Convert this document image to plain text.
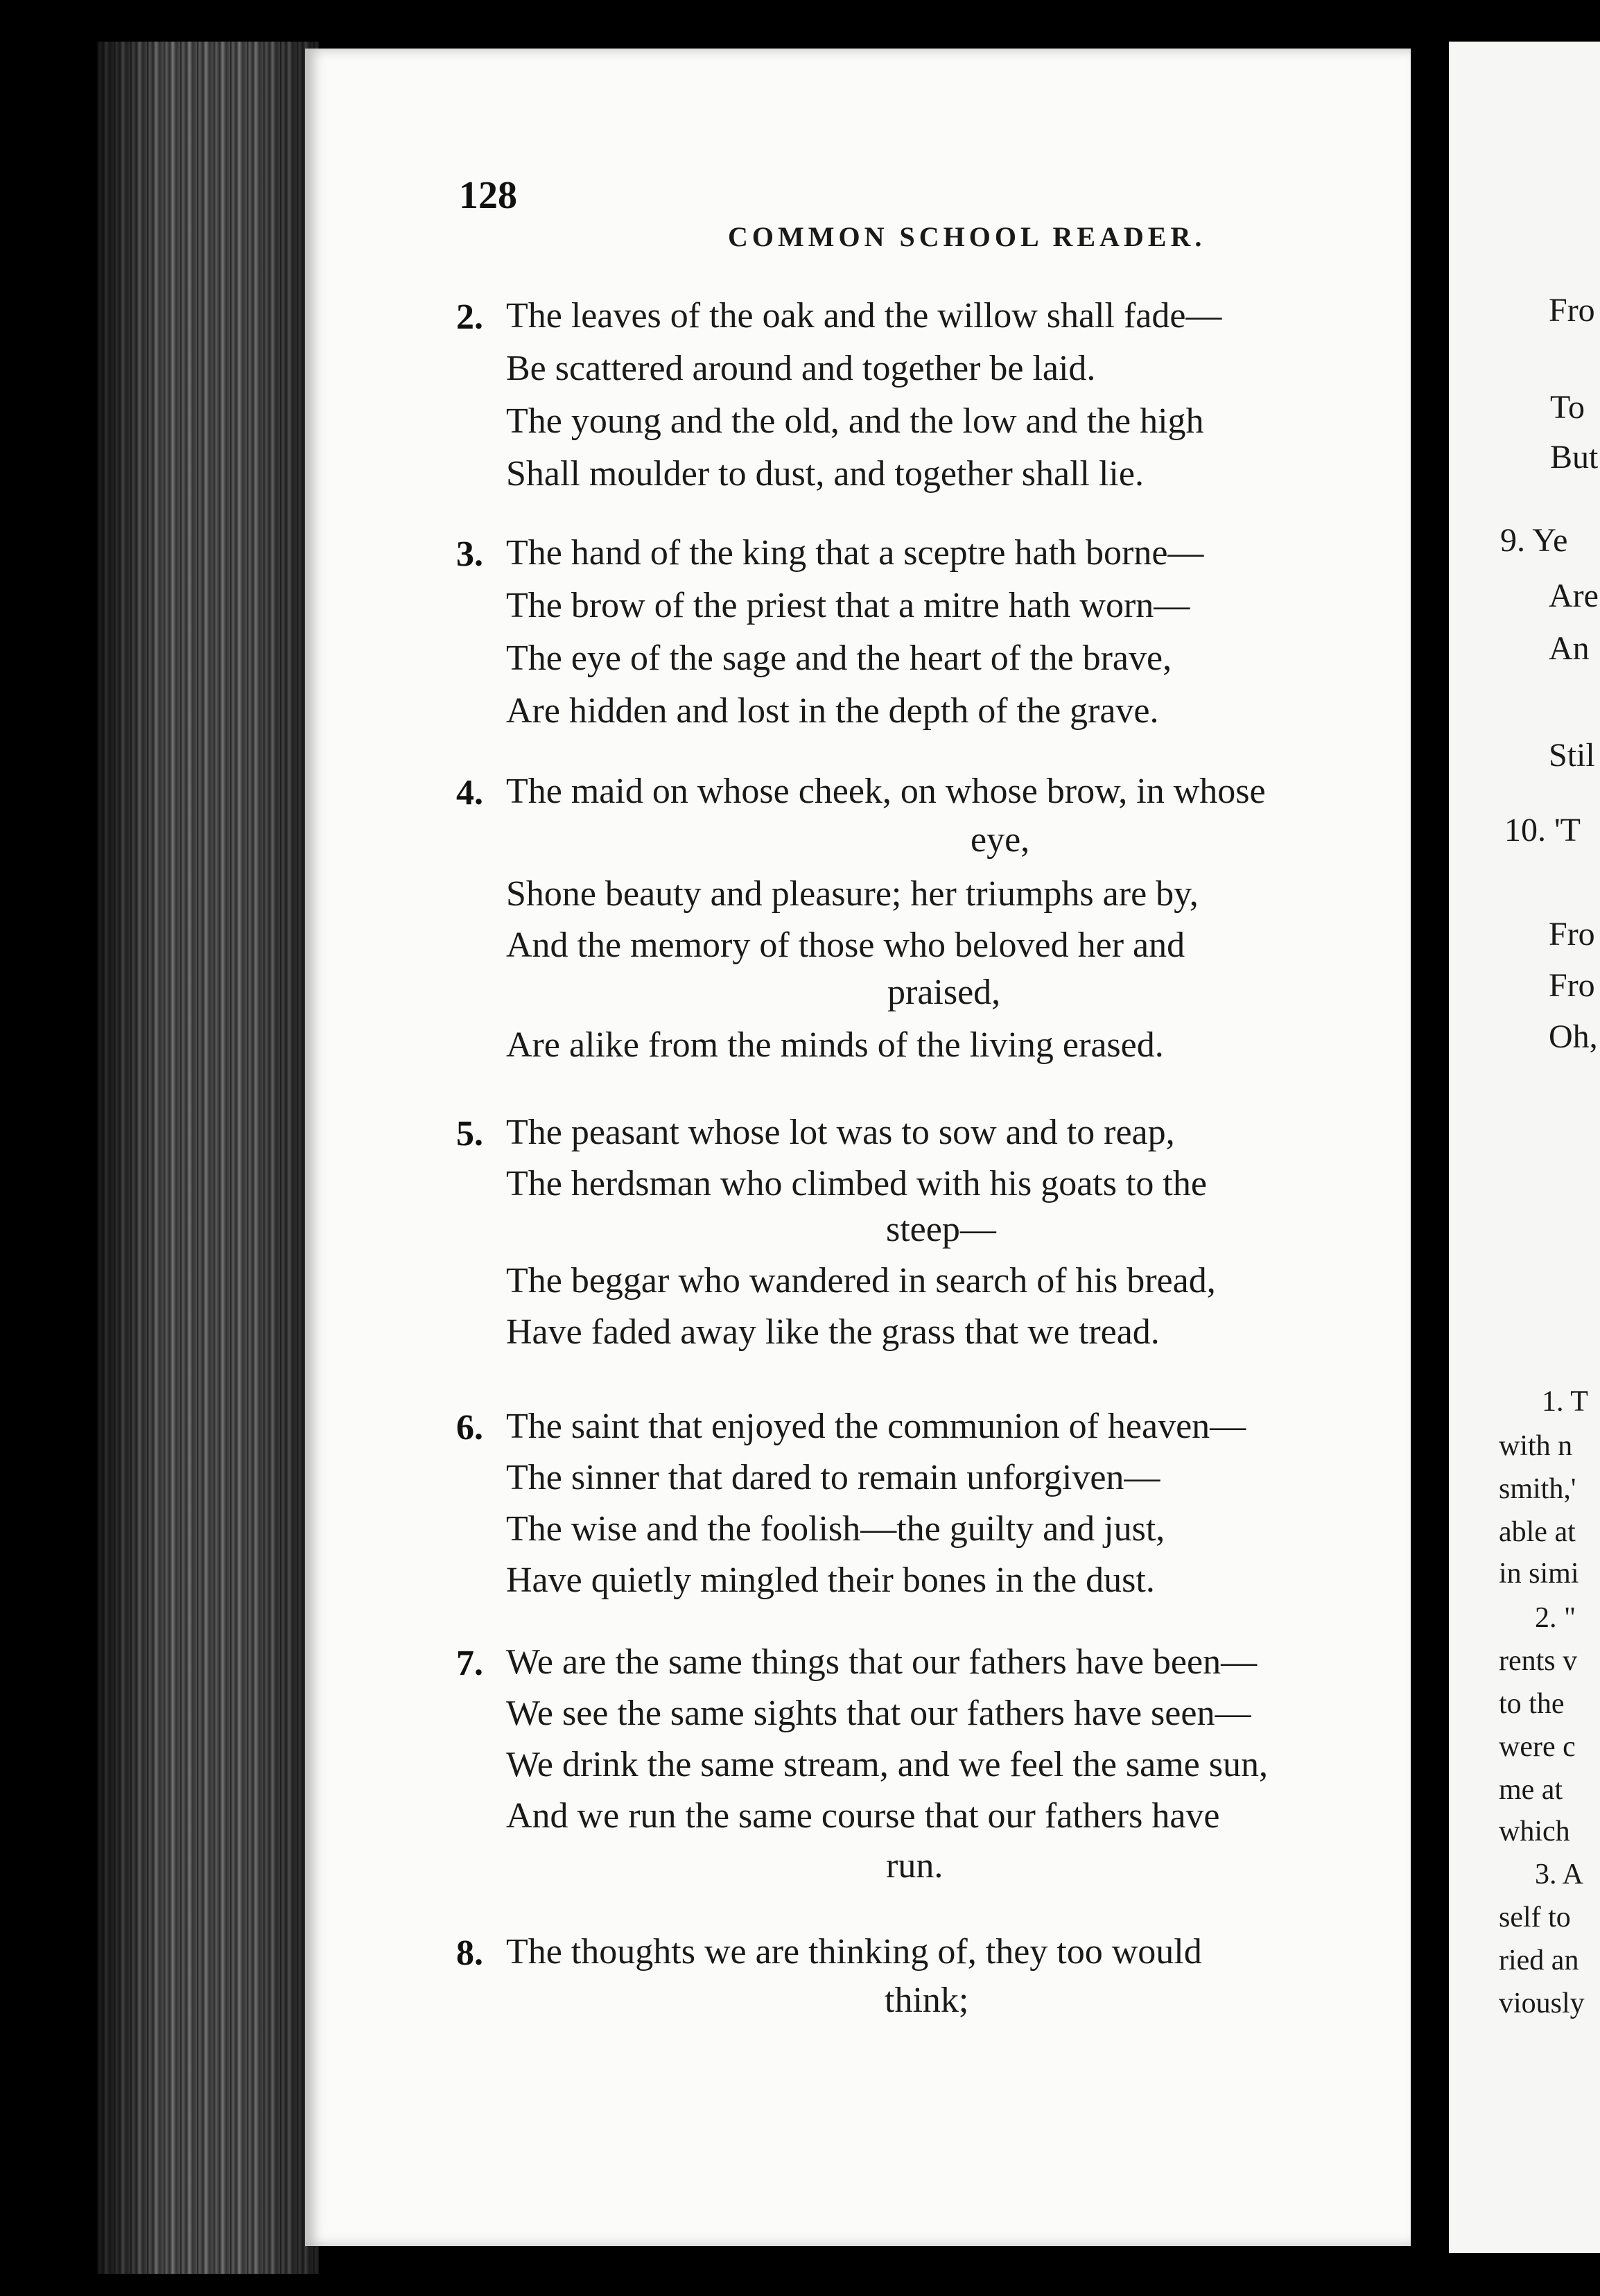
128
COMMON SCHOOL READER.
2. The leaves of the oak and the willow shall fade—
Be scattered around and together be laid.
The young and the old, and the low and the high
Shall moulder to dust, and together shall lie.
3. The hand of the king that a sceptre hath borne—
The brow of the priest that a mitre hath worn—
The eye of the sage and the heart of the brave,
Are hidden and lost in the depth of the grave.
4. The maid on whose cheek, on whose brow, in whose
eye,
Shone beauty and pleasure; her triumphs are by,
And the memory of those who beloved her and
praised,
Are alike from the minds of the living erased.
5. The peasant whose lot was to sow and to reap,
The herdsman who climbed with his goats to the
steep—
The beggar who wandered in search of his bread,
Have faded away like the grass that we tread.
6. The saint that enjoyed the communion of heaven—
The sinner that dared to remain unforgiven—
The wise and the foolish—the guilty and just,
Have quietly mingled their bones in the dust.
7. We are the same things that our fathers have been—
We see the same sights that our fathers have seen—
We drink the same stream, and we feel the same sun,
And we run the same course that our fathers have
run.
8. The thoughts we are thinking of, they too would
think;
Fro
To
But
9. Ye
Are
An
Stil
10. 'T
Fro
Fro
Oh,
1. T
with n
smith,'
able at
in simi
2. "
rents v
to the
were c
me at
which
3. A
self to
ried an
viously
